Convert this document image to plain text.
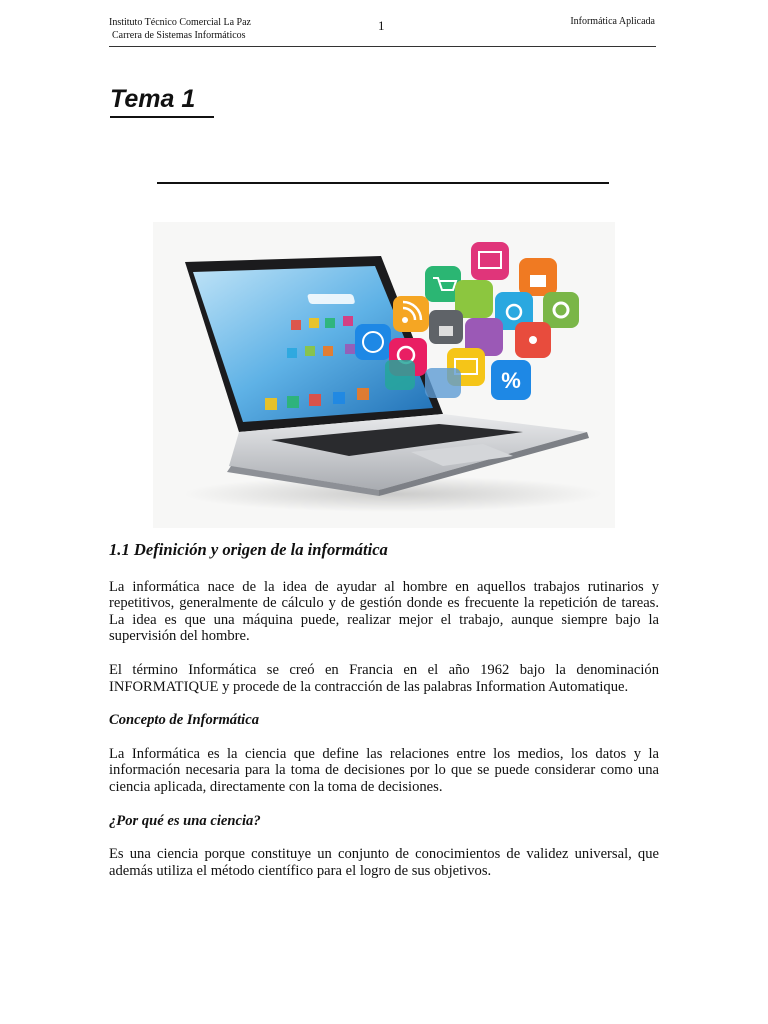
Instituto Técnico Comercial La Paz
Carrera de Sistemas Informáticos
1	Informática Aplicada
Tema 1
%

1.1 Definición y origen de la informática

La informática nace de la idea de ayudar al hombre en aquellos trabajos rutinarios y repetitivos, generalmente de cálculo y de gestión donde es frecuente la repetición de tareas. La idea es que una máquina puede, realizar mejor el trabajo, aunque siempre bajo la supervisión del hombre.

El término Informática se creó en Francia en el año 1962 bajo la denominación INFORMATIQUE y procede de la contracción de las palabras Information Automatique.

Concepto de Informática

La Informática es la ciencia que define las relaciones entre los medios, los datos y la información necesaria para la toma de decisiones por lo que se puede considerar como una ciencia aplicada, directamente con la toma de decisiones.

¿Por qué es una ciencia?

Es una ciencia porque constituye un conjunto de conocimientos de validez universal, que además utiliza el método científico para el logro de sus objetivos.
